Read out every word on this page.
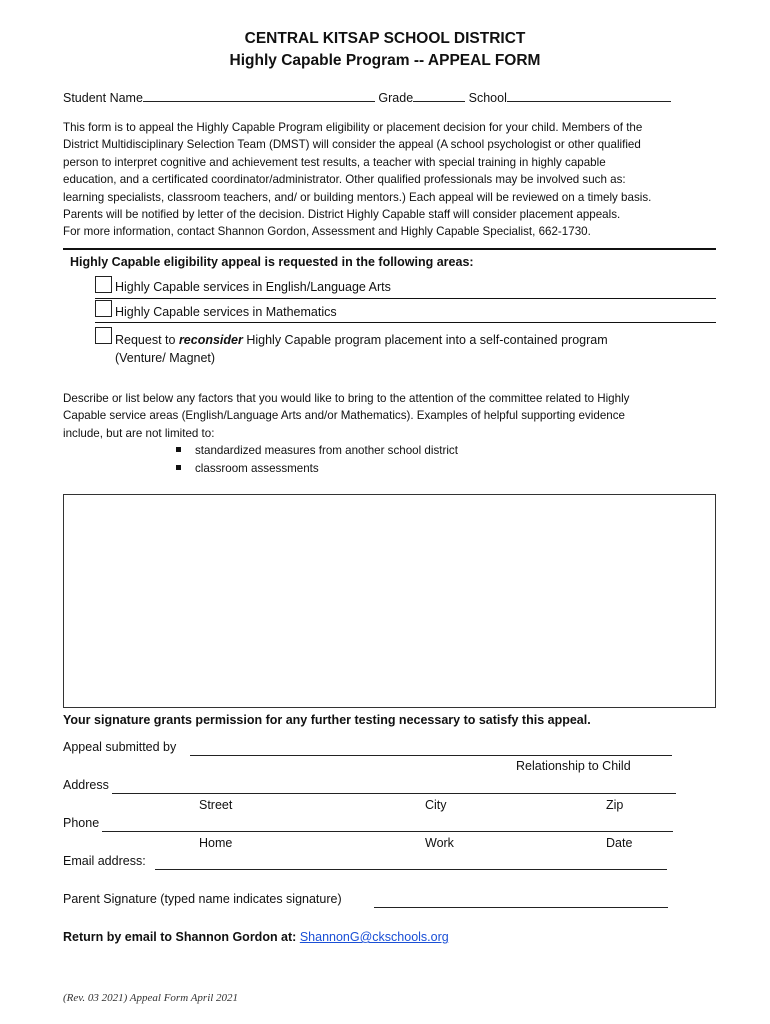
CENTRAL KITSAP SCHOOL DISTRICT
Highly Capable Program -- APPEAL FORM
Student Name	Grade	School
This form is to appeal the Highly Capable Program eligibility or placement decision for your child. Members of the
District Multidisciplinary Selection Team (DMST) will consider the appeal (A school psychologist or other qualified
person to interpret cognitive and achievement test results, a teacher with special training in highly capable
education, and a certificated coordinator/administrator. Other qualified professionals may be involved such as:
learning specialists, classroom teachers, and/ or building mentors.) Each appeal will be reviewed on a timely basis.
Parents will be notified by letter of the decision. District Highly Capable staff will consider placement appeals.
For more information, contact Shannon Gordon, Assessment and Highly Capable Specialist, 662-1730.
Highly Capable eligibility appeal is requested in the following areas:
Highly Capable services in English/Language Arts
Highly Capable services in Mathematics
Request to reconsider Highly Capable program placement into a self-contained program
(Venture/ Magnet)
Describe or list below any factors that you would like to bring to the attention of the committee related to Highly
Capable service areas (English/Language Arts and/or Mathematics). Examples of helpful supporting evidence
include, but are not limited to:
standardized measures from another school district
classroom assessments
Your signature grants permission for any further testing necessary to satisfy this appeal.
Appeal submitted by
Relationship to Child
Address
Street	City	Zip
Phone
Home	Work	Date
Email address:
Parent Signature (typed name indicates signature)
Return by email to Shannon Gordon at: ShannonG@ckschools.org
(Rev. 03 2021) Appeal Form April 2021
